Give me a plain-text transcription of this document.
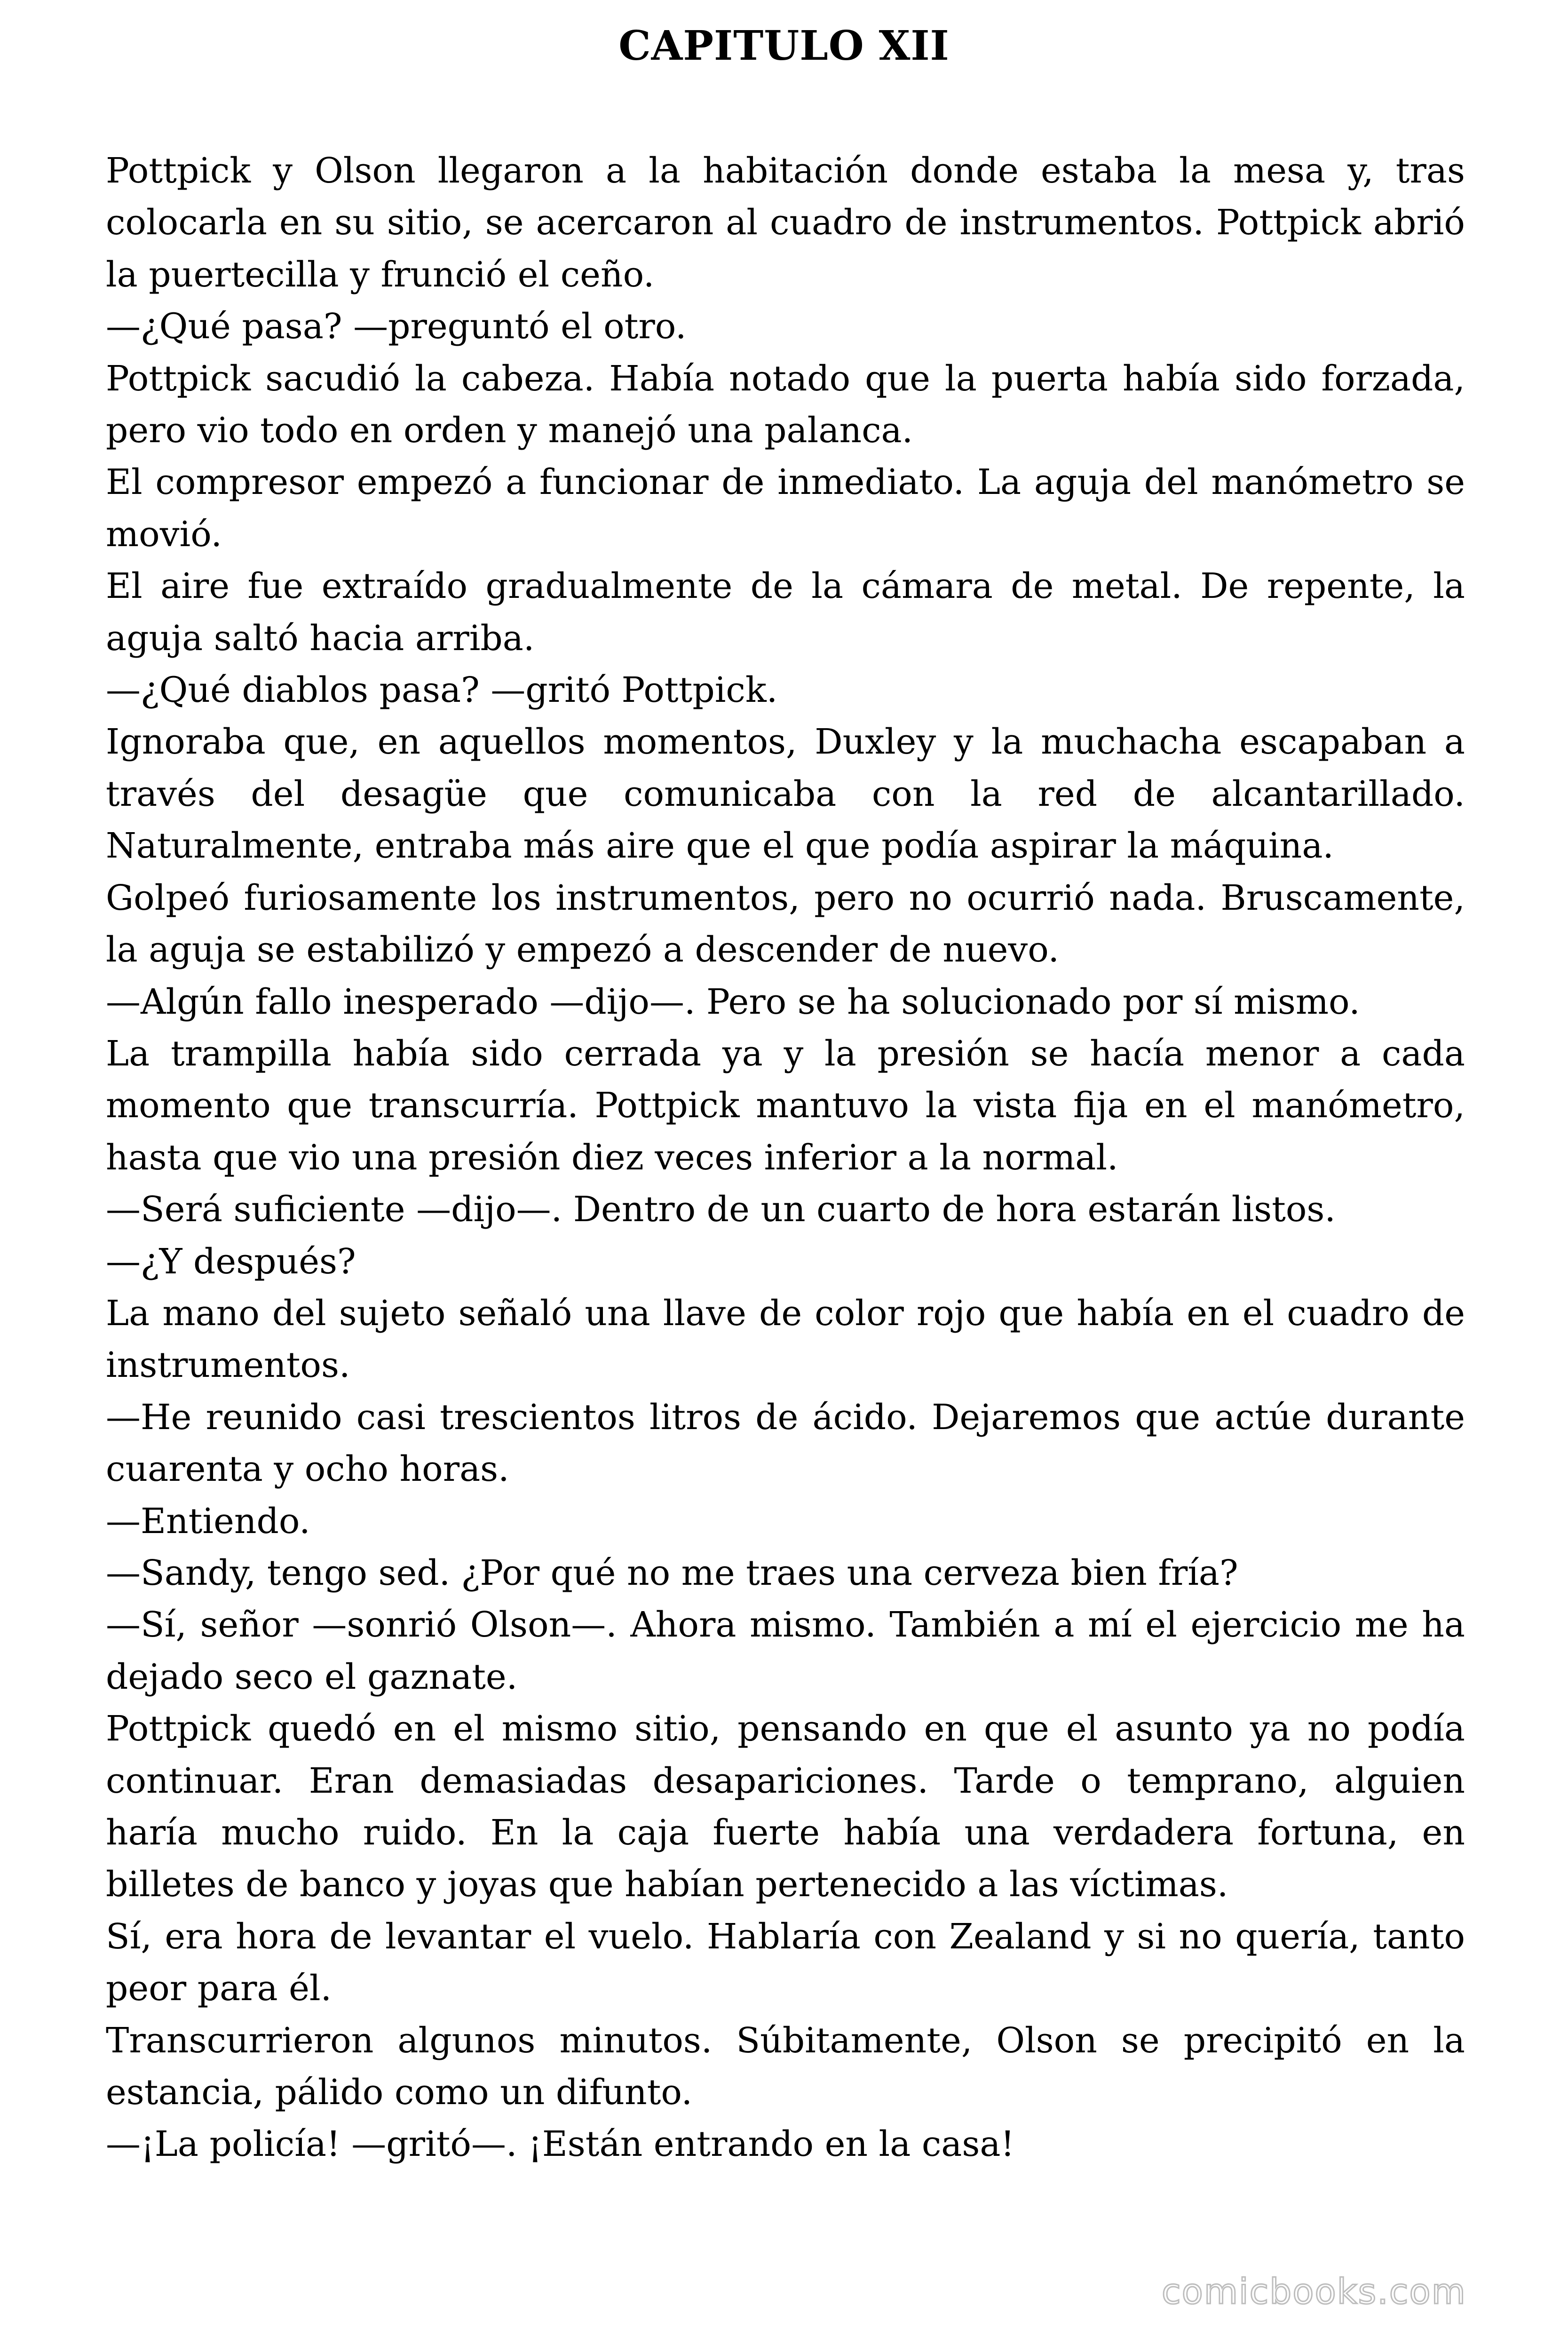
CAPITULO XII

Pottpick y Olson llegaron a la habitación donde estaba la mesa y, tras colocarla en su sitio, se acercaron al cuadro de instrumentos. Pottpick abrió la puertecilla y frunció el ceño.

—¿Qué pasa? —preguntó el otro.

Pottpick sacudió la cabeza. Había notado que la puerta había sido forzada, pero vio todo en orden y manejó una palanca.

El compresor empezó a funcionar de inmediato. La aguja del manómetro se movió.

El aire fue extraído gradualmente de la cámara de metal. De repente, la aguja saltó hacia arriba.

—¿Qué diablos pasa? —gritó Pottpick.

Ignoraba que, en aquellos momentos, Duxley y la muchacha escapaban a través del desagüe que comunicaba con la red de alcantarillado. Naturalmente, entraba más aire que el que podía aspirar la máquina.

Golpeó furiosamente los instrumentos, pero no ocurrió nada. Bruscamente, la aguja se estabilizó y empezó a descender de nuevo.

—Algún fallo inesperado —dijo—. Pero se ha solucionado por sí mismo.

La trampilla había sido cerrada ya y la presión se hacía menor a cada momento que transcurría. Pottpick mantuvo la vista fija en el manómetro, hasta que vio una presión diez veces inferior a la normal.

—Será suficiente —dijo—. Dentro de un cuarto de hora estarán listos.

—¿Y después?

La mano del sujeto señaló una llave de color rojo que había en el cuadro de instrumentos.

—He reunido casi trescientos litros de ácido. Dejaremos que actúe durante cuarenta y ocho horas.

—Entiendo.

—Sandy, tengo sed. ¿Por qué no me traes una cerveza bien fría?

—Sí, señor —sonrió Olson—. Ahora mismo. También a mí el ejercicio me ha dejado seco el gaznate.

Pottpick quedó en el mismo sitio, pensando en que el asunto ya no podía continuar. Eran demasiadas desapariciones. Tarde o temprano, alguien haría mucho ruido. En la caja fuerte había una verdadera fortuna, en billetes de banco y joyas que habían pertenecido a las víctimas.

Sí, era hora de levantar el vuelo. Hablaría con Zealand y si no quería, tanto peor para él.

Transcurrieron algunos minutos. Súbitamente, Olson se precipitó en la estancia, pálido como un difunto.

—¡La policía! —gritó—. ¡Están entrando en la casa!

comicbooks.com
